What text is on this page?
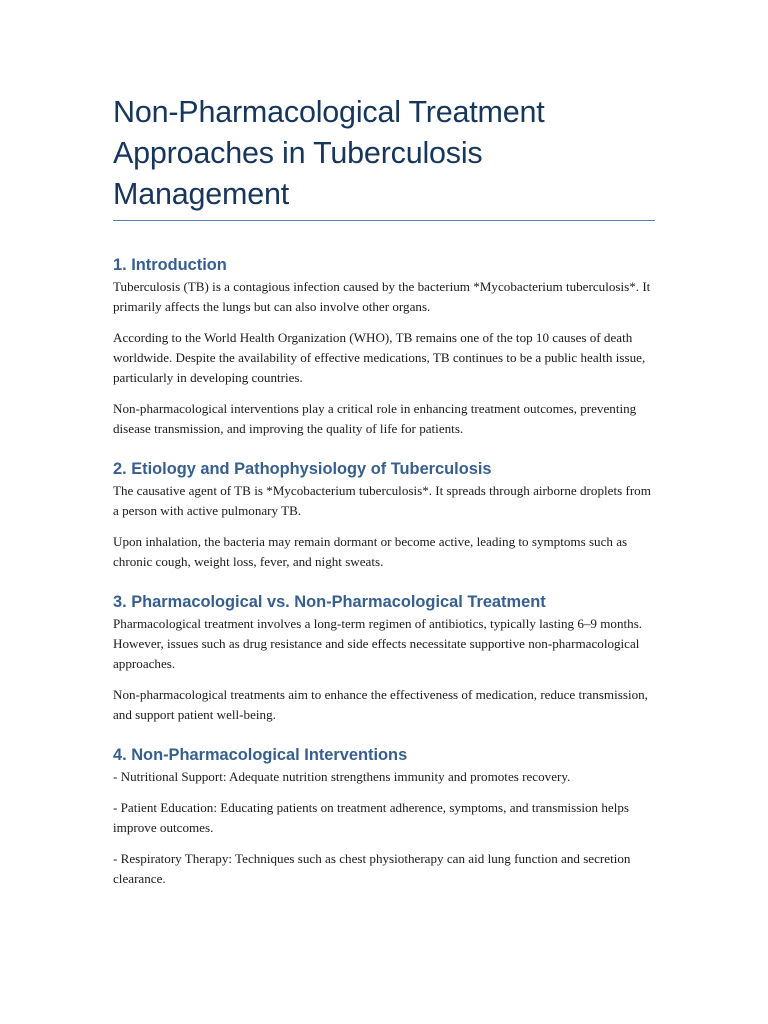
Non-Pharmacological Treatment Approaches in Tuberculosis Management
1. Introduction

Tuberculosis (TB) is a contagious infection caused by the bacterium *Mycobacterium tuberculosis*. It primarily affects the lungs but can also involve other organs.

According to the World Health Organization (WHO), TB remains one of the top 10 causes of death worldwide. Despite the availability of effective medications, TB continues to be a public health issue, particularly in developing countries.

Non-pharmacological interventions play a critical role in enhancing treatment outcomes, preventing disease transmission, and improving the quality of life for patients.

2. Etiology and Pathophysiology of Tuberculosis

The causative agent of TB is *Mycobacterium tuberculosis*. It spreads through airborne droplets from a person with active pulmonary TB.

Upon inhalation, the bacteria may remain dormant or become active, leading to symptoms such as chronic cough, weight loss, fever, and night sweats.

3. Pharmacological vs. Non-Pharmacological Treatment

Pharmacological treatment involves a long-term regimen of antibiotics, typically lasting 6–9 months. However, issues such as drug resistance and side effects necessitate supportive non-pharmacological approaches.

Non-pharmacological treatments aim to enhance the effectiveness of medication, reduce transmission, and support patient well-being.

4. Non-Pharmacological Interventions

- Nutritional Support: Adequate nutrition strengthens immunity and promotes recovery.

- Patient Education: Educating patients on treatment adherence, symptoms, and transmission helps improve outcomes.

- Respiratory Therapy: Techniques such as chest physiotherapy can aid lung function and secretion clearance.
